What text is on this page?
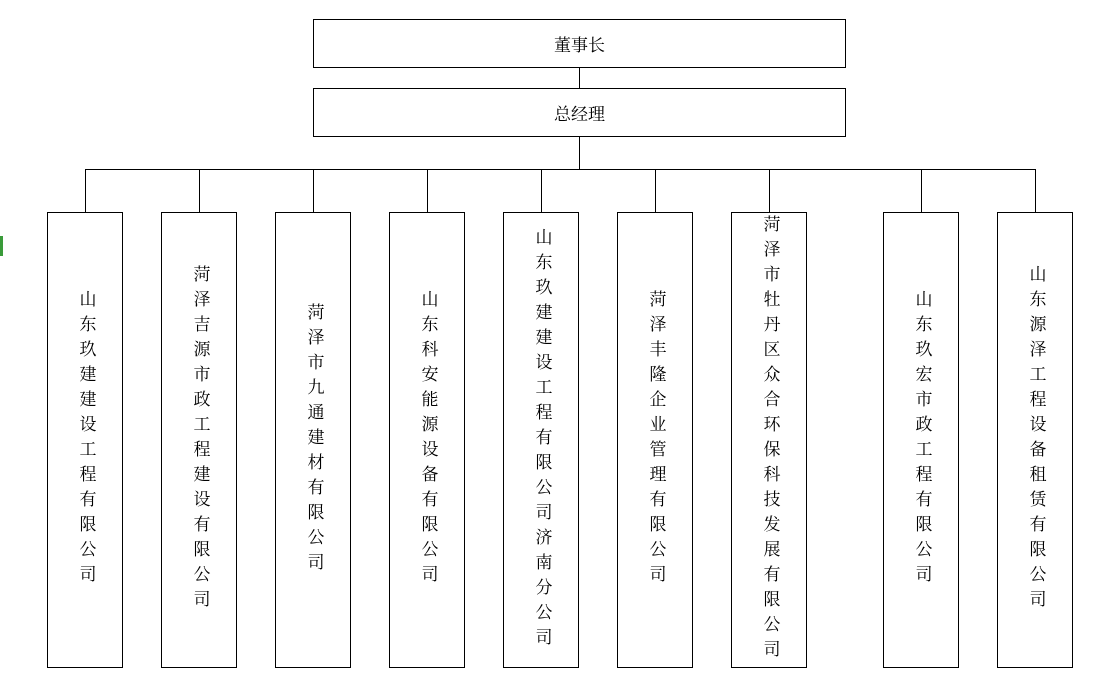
董事长
总经理
山东玖建建设工程有限公司	菏泽吉源市政工程建设有限公司	菏泽市九通建材有限公司	山东科安能源设备有限公司	山东玖建建设工程有限公司济南分公司	菏泽丰隆企业管理有限公司	菏泽市牡丹区众合环保科技发展有限公司	山东玖宏市政工程有限公司	山东源泽工程设备租赁有限公司
